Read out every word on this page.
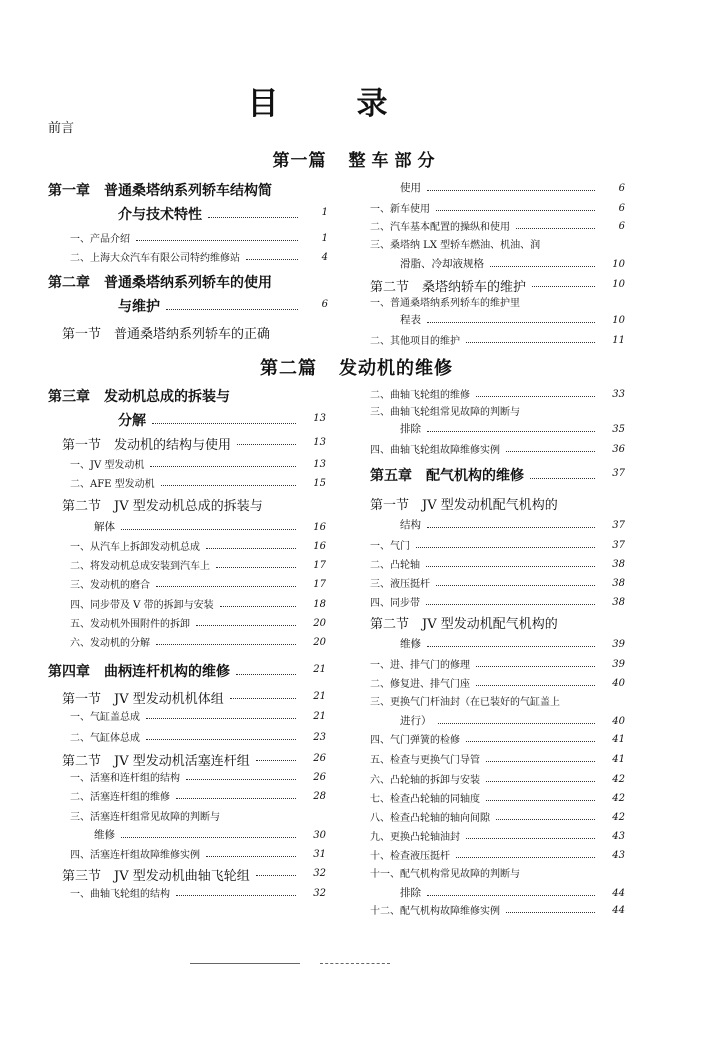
目录
前言
第一篇 整车部分
第二篇 发动机的维修
第一章　普通桑塔纳系列轿车结构简
介与技术特性	1
一、产品介绍	1
二、上海大众汽车有限公司特约维修站	4
第二章　普通桑塔纳系列轿车的使用
与维护	6
第一节　普通桑塔纳系列轿车的正确
使用	6
一、新车使用	6
二、汽车基本配置的操纵和使用	6
三、桑塔纳 LX 型轿车燃油、机油、润
滑脂、冷却液规格	10
第二节　桑塔纳轿车的维护	10
一、普通桑塔纳系列轿车的维护里
程表	10
二、其他项目的维护	11
第三章　发动机总成的拆装与
分解	13
第一节　发动机的结构与使用	13
一、JV 型发动机	13
二、AFE 型发动机	15
第二节　JV 型发动机总成的拆装与
解体	16
一、从汽车上拆卸发动机总成	16
二、将发动机总成安装到汽车上	17
三、发动机的磨合	17
四、同步带及 V 带的拆卸与安装	18
五、发动机外围附件的拆卸	20
六、发动机的分解	20
第四章　曲柄连杆机构的维修	21
第一节　JV 型发动机机体组	21
一、气缸盖总成	21
二、气缸体总成	23
第二节　JV 型发动机活塞连杆组	26
一、活塞和连杆组的结构	26
二、活塞连杆组的维修	28
三、活塞连杆组常见故障的判断与
维修	30
四、活塞连杆组故障维修实例	31
第三节　JV 型发动机曲轴飞轮组	32
一、曲轴飞轮组的结构	32
二、曲轴飞轮组的维修	33
三、曲轴飞轮组常见故障的判断与
排除	35
四、曲轴飞轮组故障维修实例	36
第五章　配气机构的维修	37
第一节　JV 型发动机配气机构的
结构	37
一、气门	37
二、凸轮轴	38
三、液压挺杆	38
四、同步带	38
第二节　JV 型发动机配气机构的
维修	39
一、进、排气门的修理	39
二、修复进、排气门座	40
三、更换气门杆油封（在已装好的气缸盖上
进行）	40
四、气门弹簧的检修	41
五、检查与更换气门导管	41
六、凸轮轴的拆卸与安装	42
七、检查凸轮轴的同轴度	42
八、检查凸轮轴的轴向间隙	42
九、更换凸轮轴油封	43
十、检查液压挺杆	43
十一、配气机构常见故障的判断与
排除	44
十二、配气机构故障维修实例	44
